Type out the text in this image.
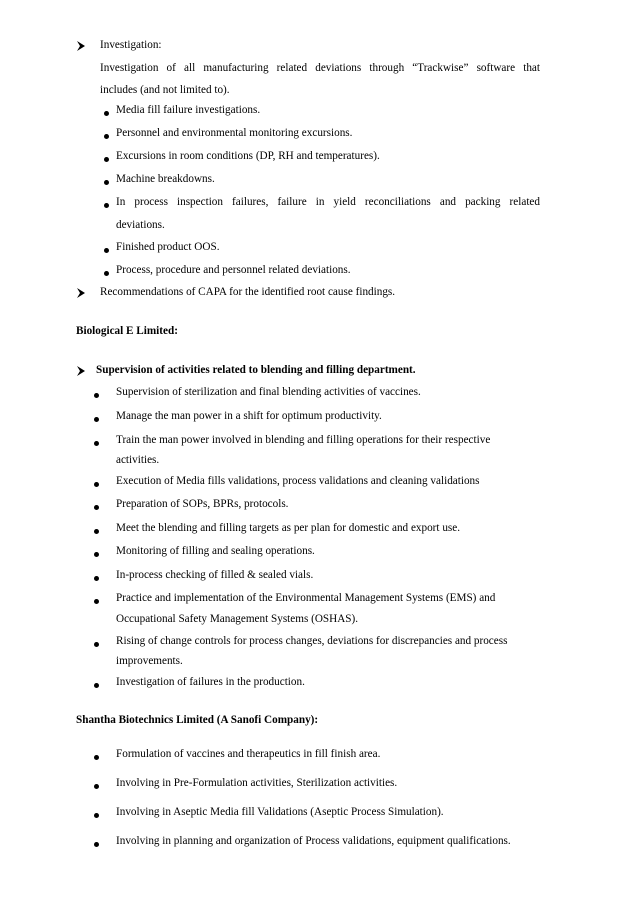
Investigation:
Investigation of all manufacturing related deviations through “Trackwise” software that
includes (and not limited to).
Media fill failure investigations.
Personnel and environmental monitoring excursions.
Excursions in room conditions (DP, RH and temperatures).
Machine breakdowns.
In process inspection failures, failure in yield reconciliations and packing related
deviations.
Finished product OOS.
Process, procedure and personnel related deviations.
Recommendations of CAPA for the identified root cause findings.
Biological E Limited:
Supervision of activities related to blending and filling department.
Supervision of sterilization and final blending activities of vaccines.
Manage the man power in a shift for optimum productivity.
Train the man power involved in blending and filling operations for their respective
activities.
Execution of Media fills validations, process validations and cleaning validations
Preparation of SOPs, BPRs, protocols.
Meet the blending and filling targets as per plan for domestic and export use.
Monitoring of filling and sealing operations.
In-process checking of filled & sealed vials.
Practice and implementation of the Environmental Management Systems (EMS) and
Occupational Safety Management Systems (OSHAS).
Rising of change controls for process changes, deviations for discrepancies and process
improvements.
Investigation of failures in the production.
Shantha Biotechnics Limited (A Sanofi Company):
Formulation of vaccines and therapeutics in fill finish area.
Involving in Pre-Formulation activities, Sterilization activities.
Involving in Aseptic Media fill Validations (Aseptic Process Simulation).
Involving in planning and organization of Process validations, equipment qualifications.
